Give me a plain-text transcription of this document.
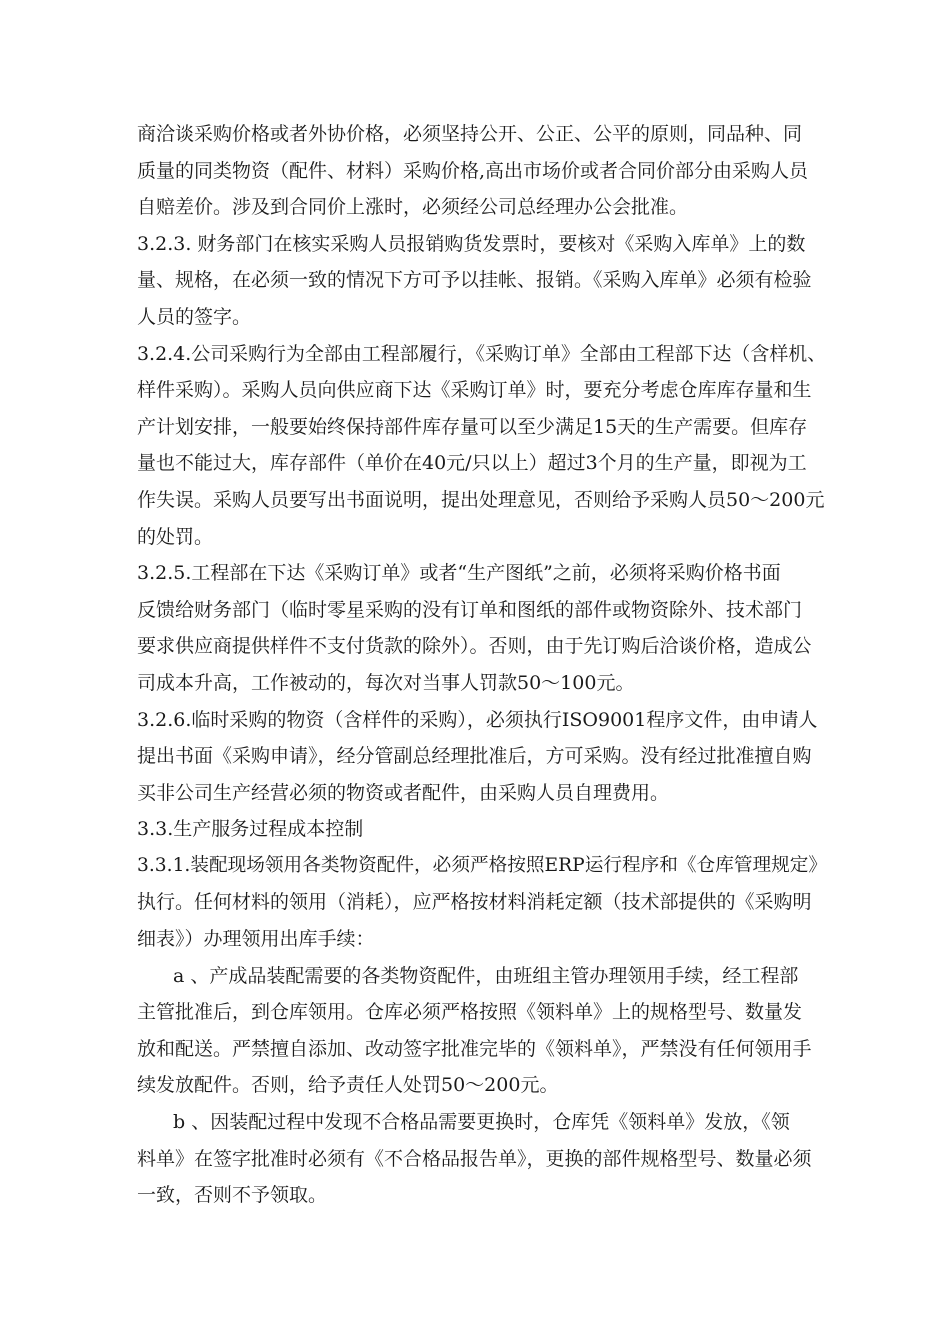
商洽谈采购价格或者外协价格，必须坚持公开、公正、公平的原则，同品种、同
质量的同类物资（配件、材料）采购价格,高出市场价或者合同价部分由采购人员
自赔差价。涉及到合同价上涨时，必须经公司总经理办公会批准。
3.2.3. 财务部门在核实采购人员报销购货发票时，要核对《采购入库单》上的数
量、规格，在必须一致的情况下方可予以挂帐、报销。《采购入库单》必须有检验
人员的签字。
3.2.4.公司采购行为全部由工程部履行，《采购订单》全部由工程部下达（含样机、
样件采购）。采购人员向供应商下达《采购订单》时，要充分考虑仓库库存量和生
产计划安排，一般要始终保持部件库存量可以至少满足15天的生产需要。但库存
量也不能过大，库存部件（单价在40元/只以上）超过3个月的生产量，即视为工
作失误。采购人员要写出书面说明，提出处理意见，否则给予采购人员50～200元
的处罚。
3.2.5.工程部在下达《采购订单》或者“生产图纸”之前，必须将采购价格书面
反馈给财务部门（临时零星采购的没有订单和图纸的部件或物资除外、技术部门
要求供应商提供样件不支付货款的除外）。否则，由于先订购后洽谈价格，造成公
司成本升高，工作被动的，每次对当事人罚款50～100元。
3.2.6.临时采购的物资（含样件的采购），必须执行ISO9001程序文件，由申请人
提出书面《采购申请》，经分管副总经理批准后，方可采购。没有经过批准擅自购
买非公司生产经营必须的物资或者配件，由采购人员自理费用。
3.3.生产服务过程成本控制
3.3.1.装配现场领用各类物资配件，必须严格按照ERP运行程序和《仓库管理规定》
执行。任何材料的领用（消耗），应严格按材料消耗定额（技术部提供的《采购明
细表》）办理领用出库手续：
a 、产成品装配需要的各类物资配件，由班组主管办理领用手续，经工程部
主管批准后，到仓库领用。仓库必须严格按照《领料单》上的规格型号、数量发
放和配送。严禁擅自添加、改动签字批准完毕的《领料单》，严禁没有任何领用手
续发放配件。否则，给予责任人处罚50～200元。
b 、因装配过程中发现不合格品需要更换时，仓库凭《领料单》发放，《领
料单》在签字批准时必须有《不合格品报告单》，更换的部件规格型号、数量必须
一致，否则不予领取。
